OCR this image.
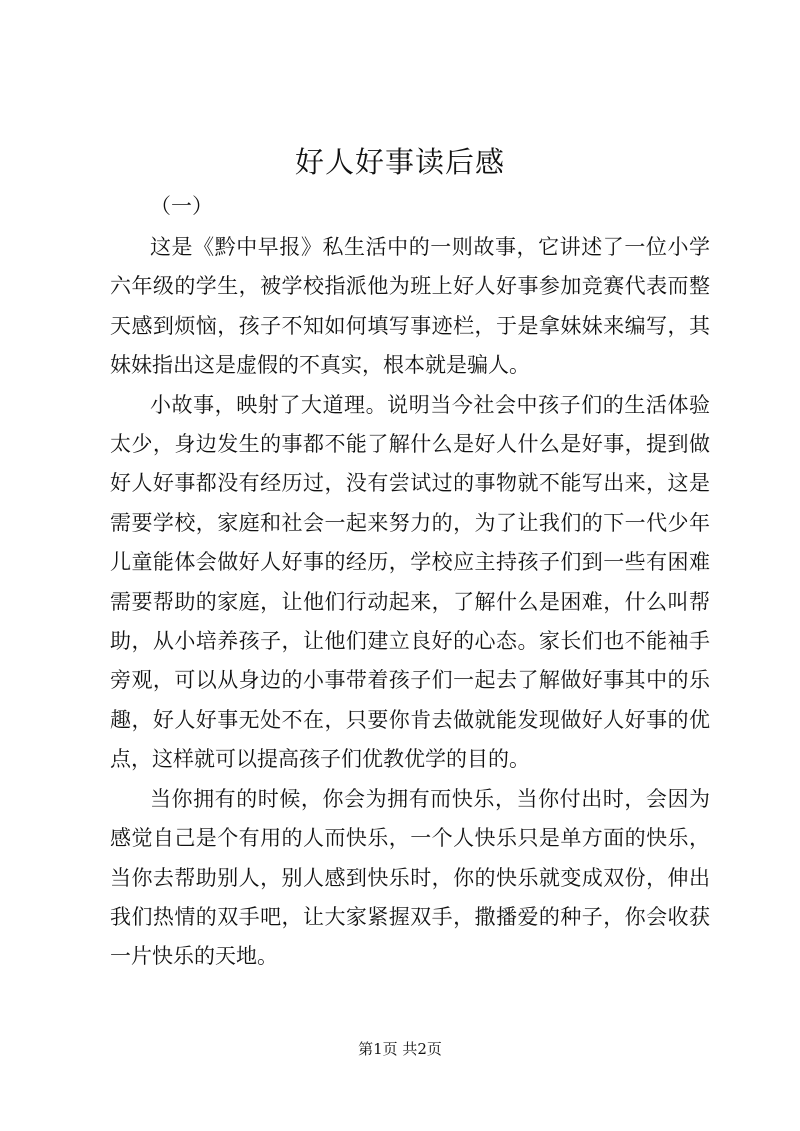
好人好事读后感

（一）

这是《黔中早报》私生活中的一则故事，它讲述了一位小学六年级的学生，被学校指派他为班上好人好事参加竞赛代表而整天感到烦恼，孩子不知如何填写事迹栏，于是拿妹妹来编写，其妹妹指出这是虚假的不真实，根本就是骗人。

小故事，映射了大道理。说明当今社会中孩子们的生活体验太少，身边发生的事都不能了解什么是好人什么是好事，提到做好人好事都没有经历过，没有尝试过的事物就不能写出来，这是需要学校，家庭和社会一起来努力的，为了让我们的下一代少年儿童能体会做好人好事的经历，学校应主持孩子们到一些有困难需要帮助的家庭，让他们行动起来，了解什么是困难，什么叫帮助，从小培养孩子，让他们建立良好的心态。家长们也不能袖手旁观，可以从身边的小事带着孩子们一起去了解做好事其中的乐趣，好人好事无处不在，只要你肯去做就能发现做好人好事的优点，这样就可以提高孩子们优教优学的目的。

当你拥有的时候，你会为拥有而快乐，当你付出时，会因为感觉自己是个有用的人而快乐，一个人快乐只是单方面的快乐，当你去帮助别人，别人感到快乐时，你的快乐就变成双份，伸出我们热情的双手吧，让大家紧握双手，撒播爱的种子，你会收获一片快乐的天地。

第1页 共2页
